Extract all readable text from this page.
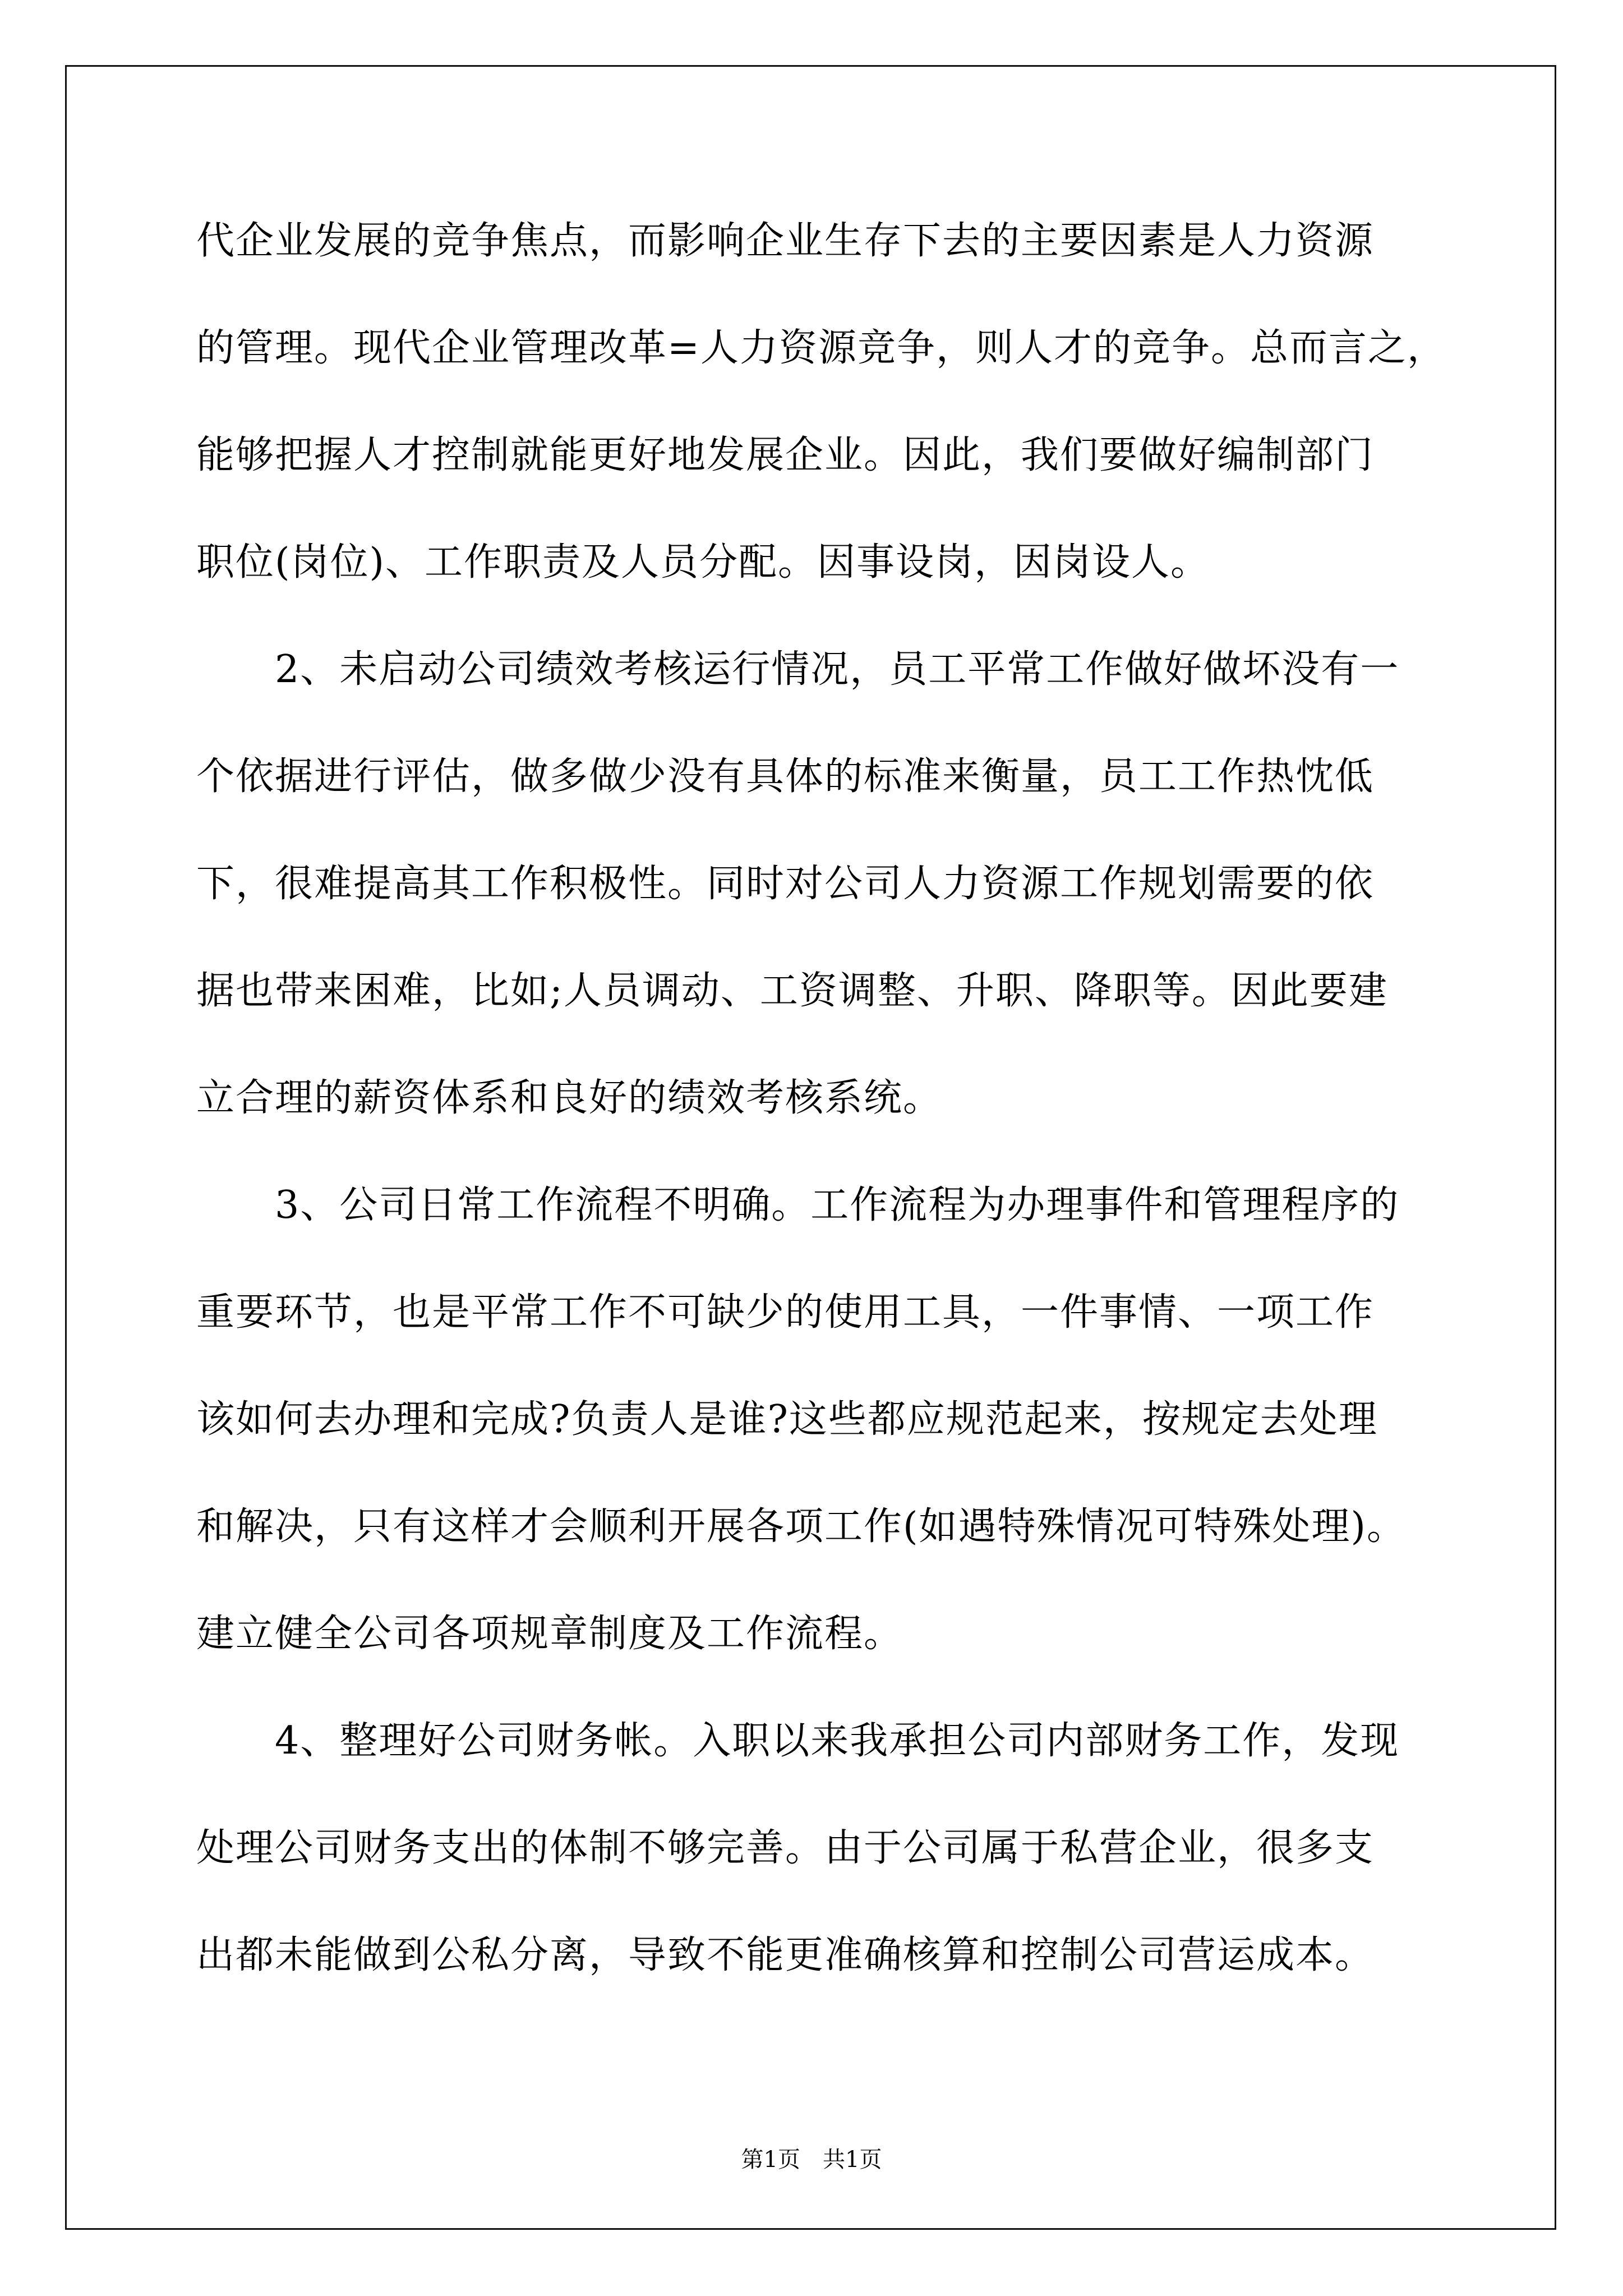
代企业发展的竞争焦点，而影响企业生存下去的主要因素是人力资源
的管理。现代企业管理改革=人力资源竞争，则人才的竞争。总而言之，
能够把握人才控制就能更好地发展企业。因此，我们要做好编制部门
职位(岗位)、工作职责及人员分配。因事设岗，因岗设人。
　　2、未启动公司绩效考核运行情况，员工平常工作做好做坏没有一
个依据进行评估，做多做少没有具体的标准来衡量，员工工作热忱低
下，很难提高其工作积极性。同时对公司人力资源工作规划需要的依
据也带来困难，比如;人员调动、工资调整、升职、降职等。因此要建
立合理的薪资体系和良好的绩效考核系统。
　　3、公司日常工作流程不明确。工作流程为办理事件和管理程序的
重要环节，也是平常工作不可缺少的使用工具，一件事情、一项工作
该如何去办理和完成?负责人是谁?这些都应规范起来，按规定去处理
和解决，只有这样才会顺利开展各项工作(如遇特殊情况可特殊处理)。
建立健全公司各项规章制度及工作流程。
　　4、整理好公司财务帐。入职以来我承担公司内部财务工作，发现
处理公司财务支出的体制不够完善。由于公司属于私营企业，很多支
出都未能做到公私分离，导致不能更准确核算和控制公司营运成本。
第1页 共1页
